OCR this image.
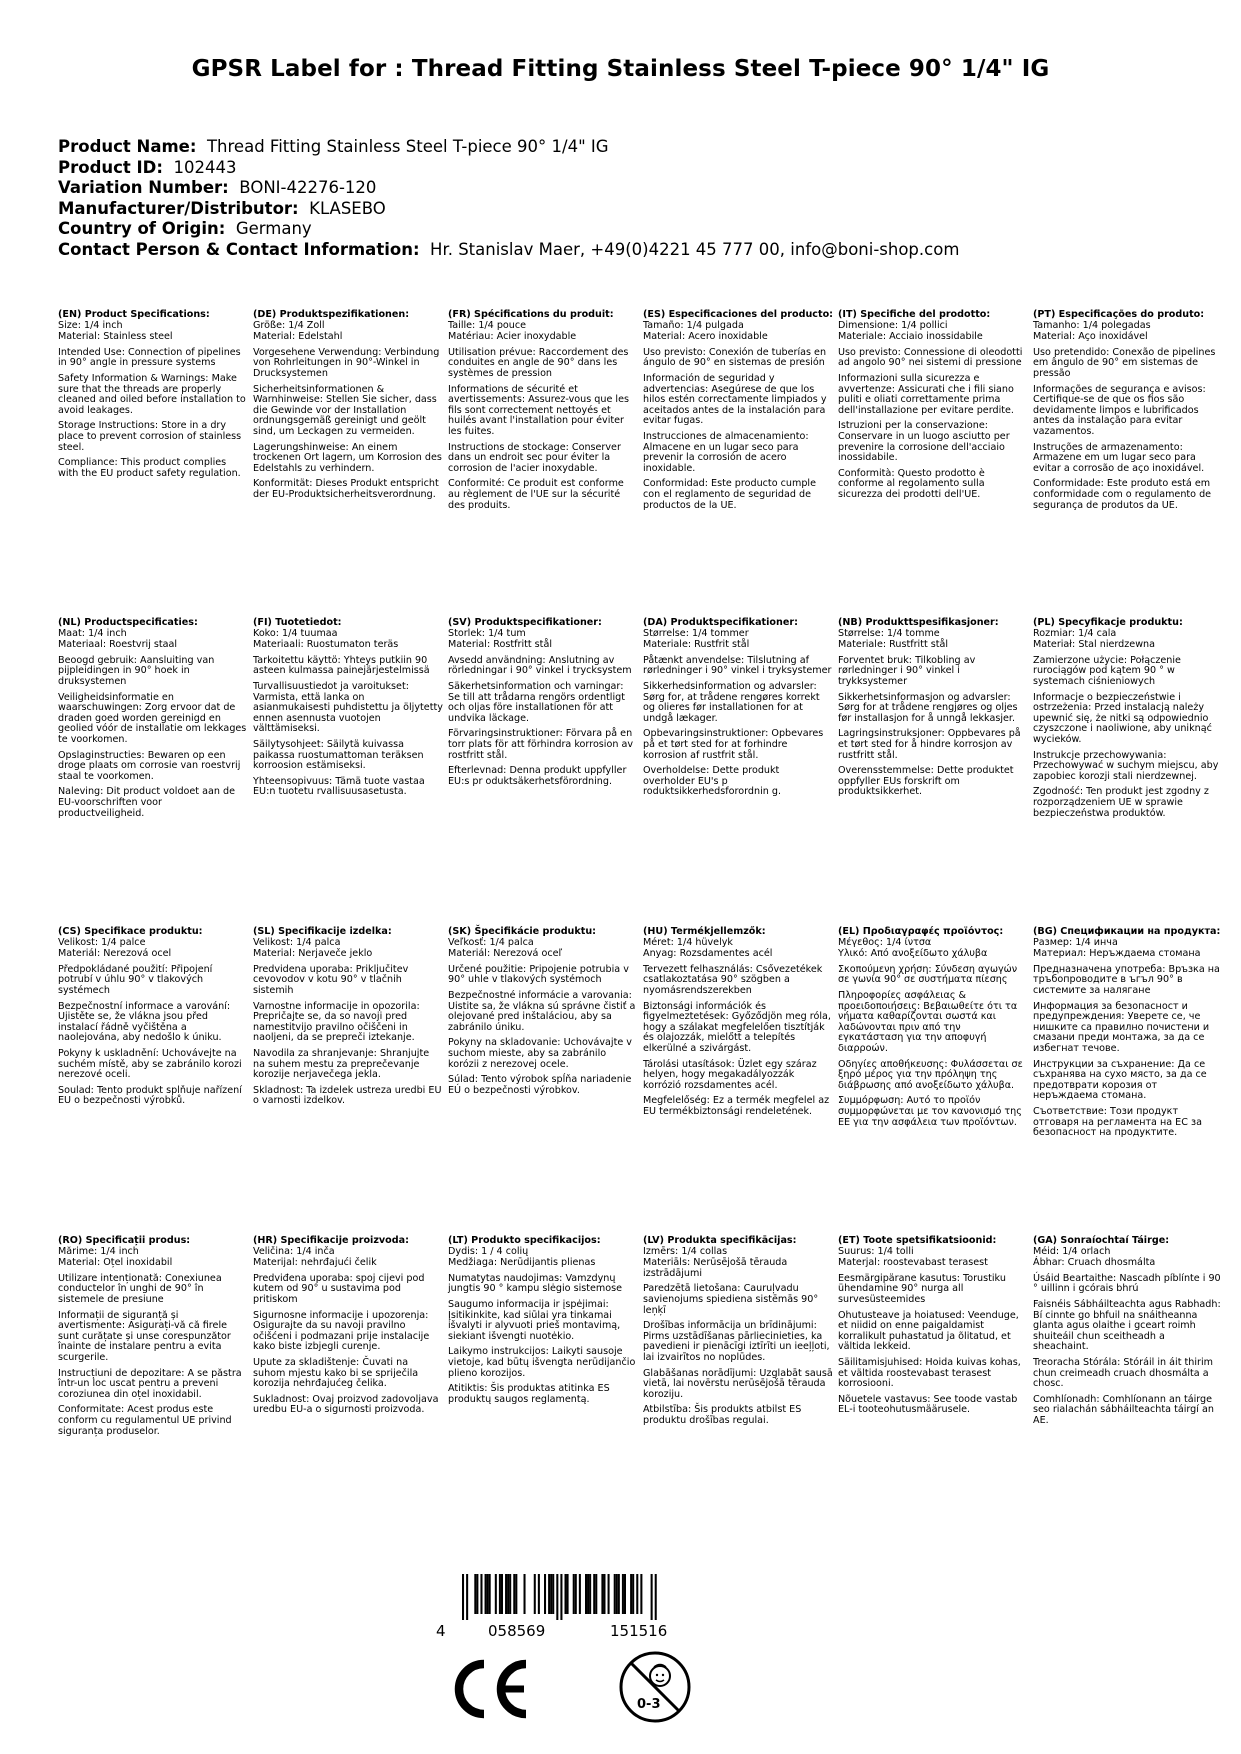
GPSR Label for : Thread Fitting Stainless Steel T-piece 90° 1/4" IG
Product Name: Thread Fitting Stainless Steel T-piece 90° 1/4" IG
Product ID: 102443
Variation Number: BONI-42276-120
Manufacturer/Distributor: KLASEBO
Country of Origin: Germany
Contact Person & Contact Information: Hr. Stanislav Maer, +49(0)4221 45 777 00, info@boni-shop.com
(EN) Product Specifications:
Size: 1/4 inch
Material: Stainless steel
Intended Use: Connection of pipelines in 90° angle in pressure systems
Safety Information & Warnings: Make sure that the threads are properly cleaned and oiled before installation to avoid leakages.
Storage Instructions: Store in a dry place to prevent corrosion of stainless steel.
Compliance: This product complies with the EU product safety regulation.
(DE) Produktspezifikationen:
Größe: 1/4 Zoll
Material: Edelstahl
Vorgesehene Verwendung: Verbindung von Rohrleitungen in 90°-Winkel in Drucksystemen
Sicherheitsinformationen & Warnhinweise: Stellen Sie sicher, dass die Gewinde vor der Installation ordnungsgemäß gereinigt und geölt sind, um Leckagen zu vermeiden.
Lagerungshinweise: An einem trockenen Ort lagern, um Korrosion des Edelstahls zu verhindern.
Konformität: Dieses Produkt entspricht der EU-Produktsicherheitsverordnung.
(FR) Spécifications du produit:
Taille: 1/4 pouce
Matériau: Acier inoxydable
Utilisation prévue: Raccordement des conduites en angle de 90° dans les systèmes de pression
Informations de sécurité et avertissements: Assurez-vous que les fils sont correctement nettoyés et huilés avant l'installation pour éviter les fuites.
Instructions de stockage: Conserver dans un endroit sec pour éviter la corrosion de l'acier inoxydable.
Conformité: Ce produit est conforme au règlement de l'UE sur la sécurité des produits.
(ES) Especificaciones del producto:
Tamaño: 1/4 pulgada
Material: Acero inoxidable
Uso previsto: Conexión de tuberías en ángulo de 90° en sistemas de presión
Información de seguridad y advertencias: Asegúrese de que los hilos estén correctamente limpiados y aceitados antes de la instalación para evitar fugas.
Instrucciones de almacenamiento: Almacene en un lugar seco para prevenir la corrosión de acero inoxidable.
Conformidad: Este producto cumple con el reglamento de seguridad de productos de la UE.
(IT) Specifiche del prodotto:
Dimensione: 1/4 pollici
Materiale: Acciaio inossidabile
Uso previsto: Connessione di oleodotti ad angolo 90° nei sistemi di pressione
Informazioni sulla sicurezza e avvertenze: Assicurati che i fili siano puliti e oliati correttamente prima dell'installazione per evitare perdite.
Istruzioni per la conservazione: Conservare in un luogo asciutto per prevenire la corrosione dell'acciaio inossidabile.
Conformità: Questo prodotto è conforme al regolamento sulla sicurezza dei prodotti dell'UE.
(PT) Especificações do produto:
Tamanho: 1/4 polegadas
Material: Aço inoxidável
Uso pretendido: Conexão de pipelines em ângulo de 90° em sistemas de pressão
Informações de segurança e avisos: Certifique-se de que os fios são devidamente limpos e lubrificados antes da instalação para evitar vazamentos.
Instruções de armazenamento: Armazene em um lugar seco para evitar a corrosão de aço inoxidável.
Conformidade: Este produto está em conformidade com o regulamento de segurança de produtos da UE.
(NL) Productspecificaties:
Maat: 1/4 inch
Materiaal: Roestvrij staal
Beoogd gebruik: Aansluiting van pijpleidingen in 90° hoek in druksystemen
Veiligheidsinformatie en waarschuwingen: Zorg ervoor dat de draden goed worden gereinigd en geolied vóór de installatie om lekkages te voorkomen.
Opslaginstructies: Bewaren op een droge plaats om corrosie van roestvrij staal te voorkomen.
Naleving: Dit product voldoet aan de EU-voorschriften voor productveiligheid.
(FI) Tuotetiedot:
Koko: 1/4 tuumaa
Materiaali: Ruostumaton teräs
Tarkoitettu käyttö: Yhteys putkiin 90 asteen kulmassa painejärjestelmissä
Turvallisuustiedot ja varoitukset: Varmista, että lanka on asianmukaisesti puhdistettu ja öljytetty ennen asennusta vuotojen välttämiseksi.
Säilytysohjeet: Säilytä kuivassa paikassa ruostumattoman teräksen korroosion estämiseksi.
Yhteensopivuus: Tämä tuote vastaa EU:n tuotetu rvallisuusasetusta.
(SV) Produktspecifikationer:
Storlek: 1/4 tum
Material: Rostfritt stål
Avsedd användning: Anslutning av rörledningar i 90° vinkel i trycksystem
Säkerhetsinformation och varningar: Se till att trådarna rengörs ordentligt och oljas före installationen för att undvika läckage.
Förvaringsinstruktioner: Förvara på en torr plats för att förhindra korrosion av rostfritt stål.
Efterlevnad: Denna produkt uppfyller EU:s pr oduktsäkerhetsförordning.
(DA) Produktspecifikationer:
Størrelse: 1/4 tommer
Materiale: Rustfrit stål
Påtænkt anvendelse: Tilslutning af rørledninger i 90° vinkel i tryksystemer
Sikkerhedsinformation og advarsler: Sørg for, at trådene rengøres korrekt og olieres før installationen for at undgå lækager.
Opbevaringsinstruktioner: Opbevares på et tørt sted for at forhindre korrosion af rustfrit stål.
Overholdelse: Dette produkt overholder EU's p roduktsikkerhedsforordnin g.
(NB) Produkttspesifikasjoner:
Størrelse: 1/4 tomme
Materiale: Rustfritt stål
Forventet bruk: Tilkobling av rørledninger i 90° vinkel i trykksystemer
Sikkerhetsinformasjon og advarsler: Sørg for at trådene rengjøres og oljes før installasjon for å unngå lekkasjer.
Lagringsinstruksjoner: Oppbevares på et tørt sted for å hindre korrosjon av rustfritt stål.
Overensstemmelse: Dette produktet oppfyller EUs forskrift om produktsikkerhet.
(PL) Specyfikacje produktu:
Rozmiar: 1/4 cala
Materiał: Stal nierdzewna
Zamierzone użycie: Połączenie rurociągów pod kątem 90 ° w systemach ciśnieniowych
Informacje o bezpieczeństwie i ostrzeżenia: Przed instalacją należy upewnić się, że nitki są odpowiednio czyszczone i naoliwione, aby uniknąć wycieków.
Instrukcje przechowywania: Przechowywać w suchym miejscu, aby zapobiec korozji stali nierdzewnej.
Zgodność: Ten produkt jest zgodny z rozporządzeniem UE w sprawie bezpieczeństwa produktów.
(CS) Specifikace produktu:
Velikost: 1/4 palce
Materiál: Nerezová ocel
Předpokládané použití: Připojení potrubí v úhlu 90° v tlakových systémech
Bezpečnostní informace a varování: Ujistěte se, že vlákna jsou před instalací řádně vyčištěna a naolejována, aby nedošlo k úniku.
Pokyny k uskladnění: Uchovávejte na suchém místě, aby se zabránilo korozi nerezové oceli.
Soulad: Tento produkt splňuje nařízení EU o bezpečnosti výrobků.
(SL) Specifikacije izdelka:
Velikost: 1/4 palca
Material: Nerjaveče jeklo
Predvidena uporaba: Priključitev cevovodov v kotu 90° v tlačnih sistemih
Varnostne informacije in opozorila: Prepričajte se, da so navoji pred namestitvijo pravilno očiščeni in naoljeni, da se prepreči iztekanje.
Navodila za shranjevanje: Shranjujte na suhem mestu za preprečevanje korozije nerjavečega jekla.
Skladnost: Ta izdelek ustreza uredbi EU o varnosti izdelkov.
(SK) Špecifikácie produktu:
Veľkosť: 1/4 palca
Materiál: Nerezová oceľ
Určené použitie: Pripojenie potrubia v 90° uhle v tlakových systémoch
Bezpečnostné informácie a varovania: Uistite sa, že vlákna sú správne čistiť a olejované pred inštaláciou, aby sa zabránilo úniku.
Pokyny na skladovanie: Uchovávajte v suchom mieste, aby sa zabránilo korózii z nerezovej ocele.
Súlad: Tento výrobok spĺňa nariadenie EÚ o bezpečnosti výrobkov.
(HU) Termékjellemzők:
Méret: 1/4 hüvelyk
Anyag: Rozsdamentes acél
Tervezett felhasználás: Csővezetékek csatlakoztatása 90° szögben a nyomásrendszerekben
Biztonsági információk és figyelmeztetések: Győződjön meg róla, hogy a szálakat megfelelően tisztítják és olajozzák, mielőtt a telepítés elkerülné a szivárgást.
Tárolási utasítások: Üzlet egy száraz helyen, hogy megakadályozzák korrózió rozsdamentes acél.
Megfelelőség: Ez a termék megfelel az EU termékbiztonsági rendeletének.
(EL) Προδιαγραφές προϊόντος:
Μέγεθος: 1/4 ίντσα
Υλικό: Από ανοξείδωτο χάλυβα
Σκοπούμενη χρήση: Σύνδεση αγωγών σε γωνία 90° σε συστήματα πίεσης
Πληροφορίες ασφάλειας & προειδοποιήσεις: Βεβαιωθείτε ότι τα νήματα καθαρίζονται σωστά και λαδώνονται πριν από την εγκατάσταση για την αποφυγή διαρροών.
Οδηγίες αποθήκευσης: Φυλάσσεται σε ξηρό μέρος για την πρόληψη της διάβρωσης από ανοξείδωτο χάλυβα.
Συμμόρφωση: Αυτό το προϊόν συμμορφώνεται με τον κανονισμό της ΕΕ για την ασφάλεια των προϊόντων.
(BG) Спецификации на продукта:
Размер: 1/4 инча
Материал: Неръждаема стомана
Предназначена употреба: Връзка на тръбопроводите в ъгъл 90° в системите за налягане
Информация за безопасност и предупреждения: Уверете се, че нишките са правилно почистени и смазани преди монтажа, за да се избегнат течове.
Инструкции за съхранение: Да се съхранява на сухо място, за да се предотврати корозия от неръждаема стомана.
Съответствие: Този продукт отговаря на регламента на ЕС за безопасност на продуктите.
(RO) Specificații produs:
Mărime: 1/4 inch
Material: Oțel inoxidabil
Utilizare intenționată: Conexiunea conductelor în unghi de 90° în sistemele de presiune
Informații de siguranță și avertismente: Asigurați-vă că firele sunt curățate și unse corespunzător înainte de instalare pentru a evita scurgerile.
Instrucțiuni de depozitare: A se păstra într-un loc uscat pentru a preveni coroziunea din oțel inoxidabil.
Conformitate: Acest produs este conform cu regulamentul UE privind siguranța produselor.
(HR) Specifikacije proizvoda:
Veličina: 1/4 inča
Materijal: nehrđajući čelik
Predviđena uporaba: spoj cijevi pod kutem od 90° u sustavima pod pritiskom
Sigurnosne informacije i upozorenja: Osigurajte da su navoji pravilno očišćeni i podmazani prije instalacije kako biste izbjegli curenje.
Upute za skladištenje: Čuvati na suhom mjestu kako bi se spriječila korozija nehrđajućeg čelika.
Sukladnost: Ovaj proizvod zadovoljava uredbu EU-a o sigurnosti proizvoda.
(LT) Produkto specifikacijos:
Dydis: 1 / 4 colių
Medžiaga: Nerūdijantis plienas
Numatytas naudojimas: Vamzdynų jungtis 90 ° kampu slėgio sistemose
Saugumo informacija ir įspėjimai: Įsitikinkite, kad siūlai yra tinkamai išvalyti ir alyvuoti prieš montavimą, siekiant išvengti nuotėkio.
Laikymo instrukcijos: Laikyti sausoje vietoje, kad būtų išvengta nerūdijančio plieno korozijos.
Atitiktis: Šis produktas atitinka ES produktų saugos reglamentą.
(LV) Produkta specifikācijas:
Izmērs: 1/4 collas
Materiāls: Nerūsējošā tērauda izstrādājumi
Paredzētā lietošana: Cauruļvadu savienojums spiediena sistēmās 90° leņķī
Drošības informācija un brīdinājumi: Pirms uzstādīšanas pārliecinieties, ka pavedieni ir pienācīgi iztīrīti un ieeļļoti, lai izvairītos no noplūdes.
Glabāšanas norādījumi: Uzglabāt sausā vietā, lai novērstu nerūsējošā tērauda koroziju.
Atbilstība: Šis produkts atbilst ES produktu drošības regulai.
(ET) Toote spetsifikatsioonid:
Suurus: 1/4 tolli
Materjal: roostevabast terasest
Eesmärgipärane kasutus: Torustiku ühendamine 90° nurga all survesüsteemides
Ohutusteave ja hoiatused: Veenduge, et niidid on enne paigaldamist korralikult puhastatud ja õlitatud, et vältida lekkeid.
Säilitamisjuhised: Hoida kuivas kohas, et vältida roostevabast terasest korrosiooni.
Nõuetele vastavus: See toode vastab EL-i tooteohutusmäärusele.
(GA) Sonraíochtaí Táirge:
Méid: 1/4 orlach
Ábhar: Cruach dhosmálta
Úsáid Beartaithe: Nascadh píblínte i 90 ° uillinn i gcórais bhrú
Faisnéis Sábháilteachta agus Rabhadh: Bí cinnte go bhfuil na snáitheanna glanta agus olaithe i gceart roimh shuiteáil chun sceitheadh a sheachaint.
Treoracha Stórála: Stóráil in áit thirim chun creimeadh cruach dhosmálta a chosc.
Comhlíonadh: Comhlíonann an táirge seo rialachán sábháilteachta táirgí an AE.
4	058569	151516
0-3
